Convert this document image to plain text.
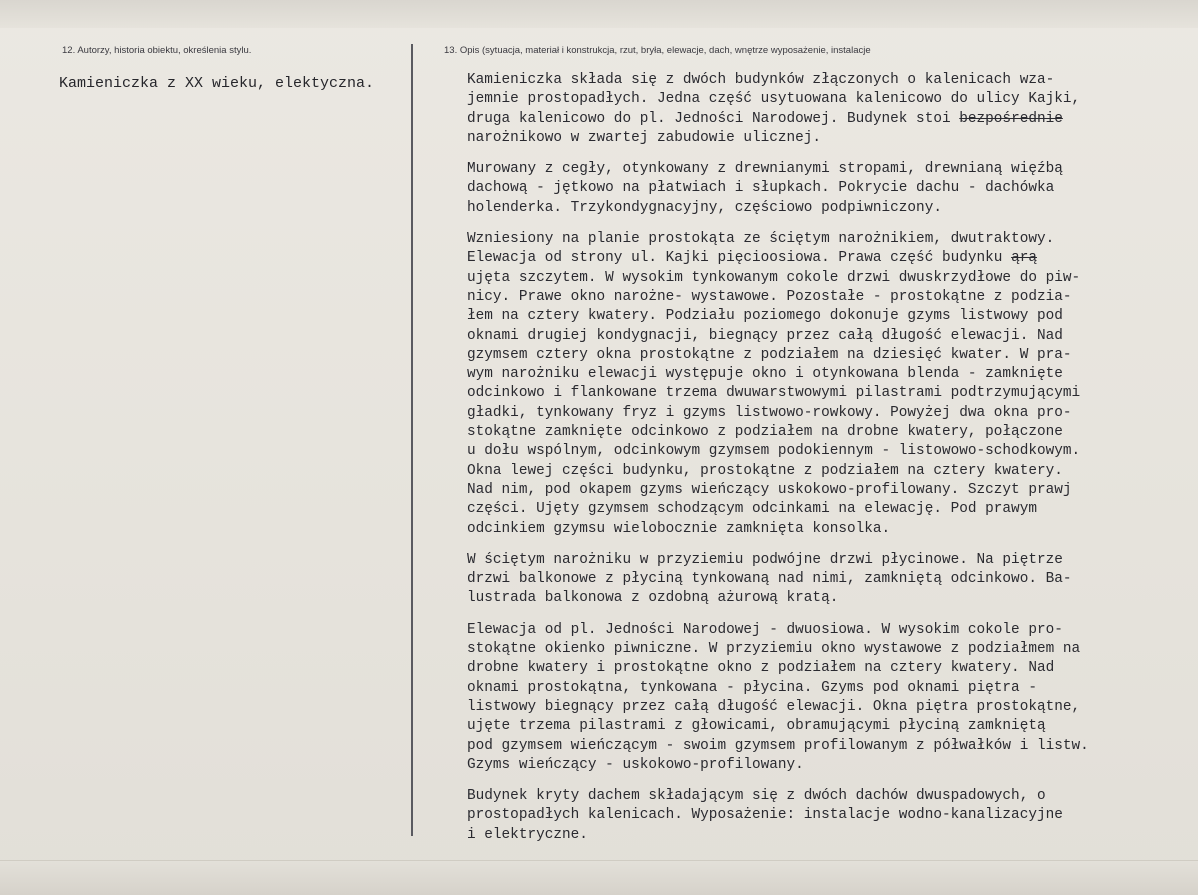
12. Autorzy, historia obiektu, określenia stylu.	13. Opis (sytuacja, materiał i konstrukcja, rzut, bryła, elewacje, dach, wnętrze wyposażenie, instalacje
Kamieniczka z XX wieku, elektyczna.	Kamieniczka składa się z dwóch budynków złączonych o kalenicach wza-
jemnie prostopadłych. Jedna część usytuowana kalenicowo do ulicy Kajki,
druga kalenicowo do pl. Jedności Narodowej. Budynek stoi bezpośrednie
narożnikowo w zwartej zabudowie ulicznej.
Murowany z cegły, otynkowany z drewnianymi stropami, drewnianą więźbą
dachową - jętkowo na płatwiach i słupkach. Pokrycie dachu - dachówka
holenderka. Trzykondygnacyjny, częściowo podpiwniczony.
Wzniesiony na planie prostokąta ze ściętym narożnikiem, dwutraktowy.
Elewacja od strony ul. Kajki pięcioosiowa. Prawa część budynku ąrą
ujęta szczytem. W wysokim tynkowanym cokole drzwi dwuskrzydłowe do piw-
nicy. Prawe okno narożne- wystawowe. Pozostałe - prostokątne z podzia-
łem na cztery kwatery. Podziału poziomego dokonuje gzyms listwowy pod
oknami drugiej kondygnacji, biegnący przez całą długość elewacji. Nad
gzymsem cztery okna prostokątne z podziałem na dziesięć kwater. W pra-
wym narożniku elewacji występuje okno i otynkowana blenda - zamknięte
odcinkowo i flankowane trzema dwuwarstwowymi pilastrami podtrzymującymi
gładki, tynkowany fryz i gzyms listwowo-rowkowy. Powyżej dwa okna pro-
stokątne zamknięte odcinkowo z podziałem na drobne kwatery, połączone
u dołu wspólnym, odcinkowym gzymsem podokiennym - listowowo-schodkowym.
Okna lewej części budynku, prostokątne z podziałem na cztery kwatery.
Nad nim, pod okapem gzyms wieńczący uskokowo-profilowany. Szczyt prawj
części. Ujęty gzymsem schodzącym odcinkami na elewację. Pod prawym
odcinkiem gzymsu wielobocznie zamknięta konsolka.
W ściętym narożniku w przyziemiu podwójne drzwi płycinowe. Na piętrze
drzwi balkonowe z płyciną tynkowaną nad nimi, zamkniętą odcinkowo. Ba-
lustrada balkonowa z ozdobną ażurową kratą.
Elewacja od pl. Jedności Narodowej - dwuosiowa. W wysokim cokole pro-
stokątne okienko piwniczne. W przyziemiu okno wystawowe z podziałmem na
drobne kwatery i prostokątne okno z podziałem na cztery kwatery. Nad
oknami prostokątna, tynkowana - płycina. Gzyms pod oknami piętra -
listwowy biegnący przez całą długość elewacji. Okna piętra prostokątne,
ujęte trzema pilastrami z głowicami, obramującymi płyciną zamkniętą
pod gzymsem wieńczącym - swoim gzymsem profilowanym z półwałków i listw.
Gzyms wieńczący - uskokowo-profilowany.
Budynek kryty dachem składającym się z dwóch dachów dwuspadowych, o
prostopadłych kalenicach. Wyposażenie: instalacje wodno-kanalizacyjne
i elektryczne.
